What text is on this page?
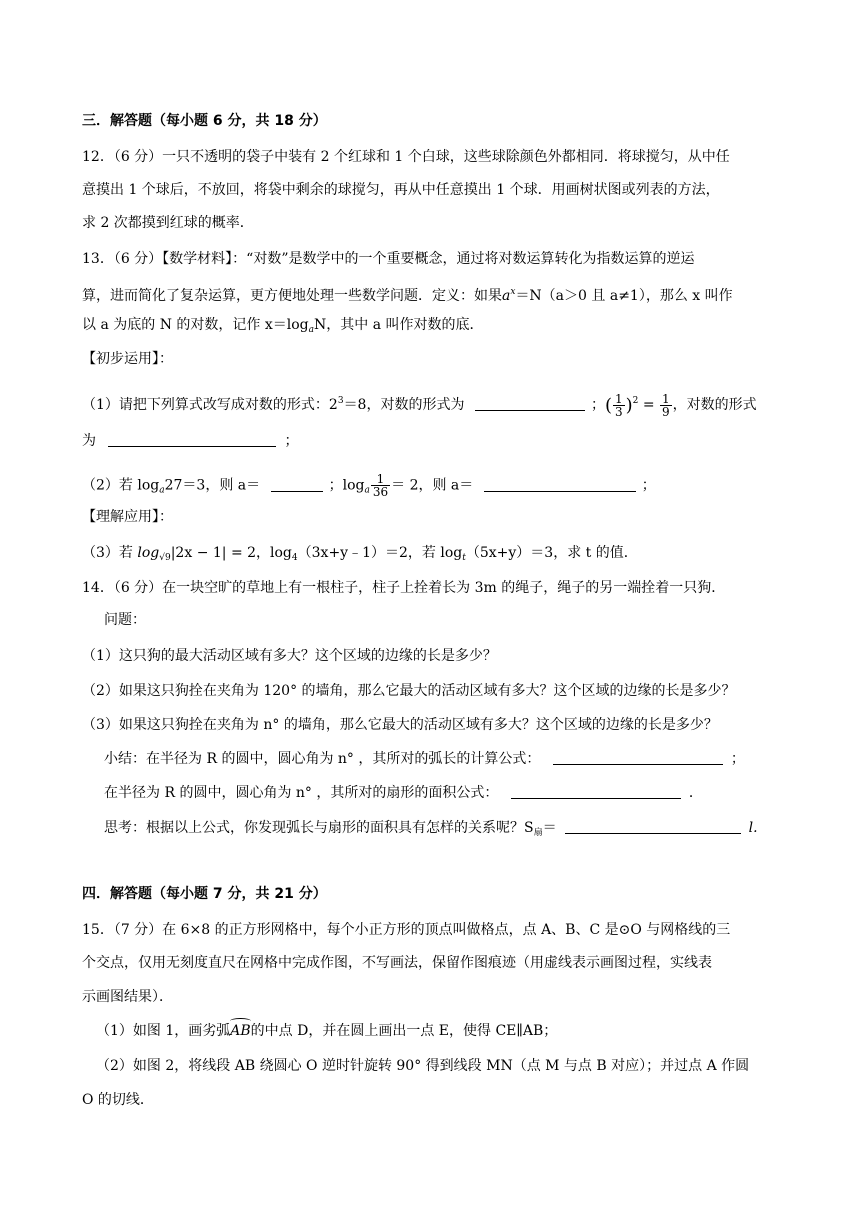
三．解答题（每小题 6 分，共 18 分）
12．（6 分）一只不透明的袋子中装有 2 个红球和 1 个白球，这些球除颜色外都相同．将球搅匀，从中任
意摸出 1 个球后，不放回，将袋中剩余的球搅匀，再从中任意摸出 1 个球．用画树状图或列表的方法，
求 2 次都摸到红球的概率．
13．（6 分）【数学材料】：“对数”是数学中的一个重要概念，通过将对数运算转化为指数运算的逆运
算，进而简化了复杂运算，更方便地处理一些数学问题．定义：如果$a^x=N(a>0$ 且 a≠1），那么 x 叫作
以 a 为底的 N 的对数，记作 $x=\log_aN$，其中 a 叫作对数的底．
【初步运用】：
（1）请把下列算式改写成对数的形式：$2^3=8$，对数的形式为	；( $\frac{1}{3} )^2 = \frac{1}{9}$ ，对数的形式
为	；
（2）若 $\log_a27=3$，则 a＝	；$\log_a \frac{1}{36} = 2$，则 a＝	；
【理解应用】：
（3）若 $\log_{√9}|2x - 1| = 2$，$\log_4(3x+y﹣1)=2$，若 $\log_t(5x+y)=3$，求 t 的值．
14．（6 分）在一块空旷的草地上有一根柱子，柱子上拴着长为 3m 的绳子，绳子的另一端拴着一只狗．
问题：
（1）这只狗的最大活动区域有多大？这个区域的边缘的长是多少？
（2）如果这只狗拴在夹角为 120° 的墙角，那么它最大的活动区域有多大？这个区域的边缘的长是多少？
（3）如果这只狗拴在夹角为 n° 的墙角，那么它最大的活动区域有多大？这个区域的边缘的长是多少？
小结：在半径为 R 的圆中，圆心角为 n° ，其所对的弧长的计算公式：	；
在半径为 R 的圆中，圆心角为 n° ，其所对的扇形的面积公式：	．
思考：根据以上公式，你发现弧长与扇形的面积具有怎样的关系呢？$S_扇=$	l.
四．解答题（每小题 7 分，共 21 分）
15．（7 分）在 6×8 的正方形网格中，每个小正方形的顶点叫做格点，点 A、B、C 是⊙O 与网格线的三
个交点，仅用无刻度直尺在网格中完成作图，不写画法，保留作图痕迹（用虚线表示画图过程，实线表
示画图结果）．
（1）如图 1，画劣弧AB的中点 D，并在圆上画出一点 E，使得 CE∥AB；
（2）如图 2，将线段 AB 绕圆心 O 逆时针旋转 90° 得到线段 MN（点 M 与点 B 对应）；并过点 A 作圆
O 的切线．
